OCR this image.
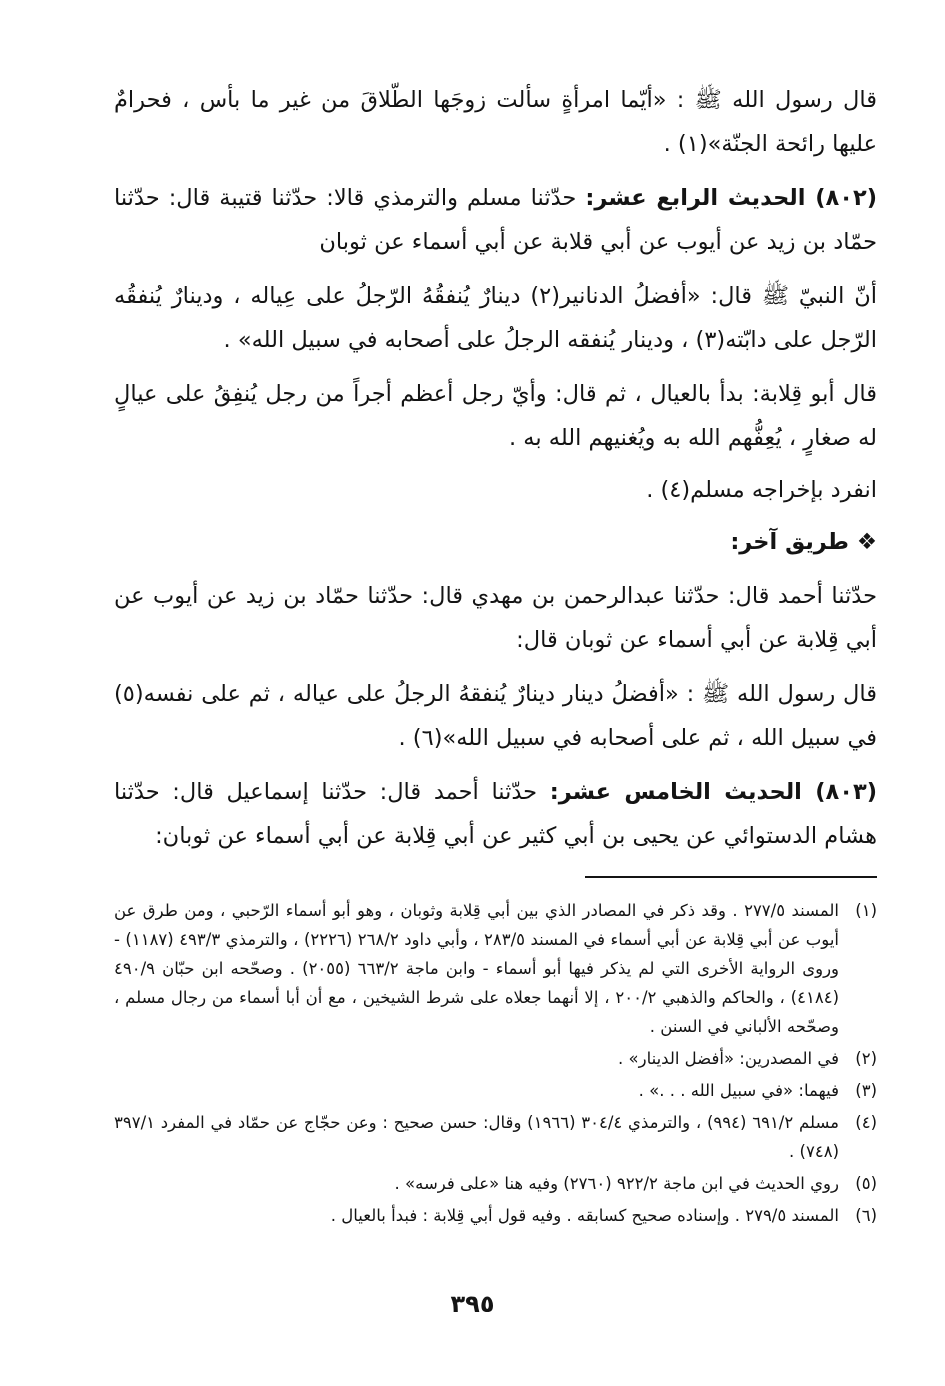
قال رسول الله ﷺ : «أيّما امرأةٍ سألت زوجَها الطّلاقَ من غير ما بأس ، فحرامٌ عليها رائحة الجنّة»(١) .

(٨٠٢) الحديث الرابع عشر: حدّثنا مسلم والترمذي قالا: حدّثنا قتيبة قال: حدّثنا حمّاد بن زيد عن أيوب عن أبي قلابة عن أبي أسماء عن ثوبان

أنّ النبيّ ﷺ قال: «أفضلُ الدنانير(٢) دينارٌ يُنفقُهُ الرّجلُ على عِياله ، ودينارٌ يُنفقُه الرّجل على دابّته(٣) ، ودينار يُنفقه الرجلُ على أصحابه في سبيل الله» .

قال أبو قِلابة: بدأ بالعيال ، ثم قال: وأيّ رجل أعظم أجراً من رجل يُنفِقُ على عيالٍ له صغارٍ ، يُعِفُّهم الله به ويُغنيهم الله به .

انفرد بإخراجه مسلم(٤) .

❖ طريق آخر:

حدّثنا أحمد قال: حدّثنا عبدالرحمن بن مهدي قال: حدّثنا حمّاد بن زيد عن أيوب عن أبي قِلابة عن أبي أسماء عن ثوبان قال:

قال رسول الله ﷺ : «أفضلُ دينار دينارٌ يُنفقهُ الرجلُ على عياله ، ثم على نفسه(٥) في سبيل الله ، ثم على أصحابه في سبيل الله»(٦) .

(٨٠٣) الحديث الخامس عشر: حدّثنا أحمد قال: حدّثنا إسماعيل قال: حدّثنا هشام الدستوائي عن يحيى بن أبي كثير عن أبي قِلابة عن أبي أسماء عن ثوبان:

(١)
المسند ٢٧٧/٥ . وقد ذكر في المصادر الذي بين أبي قِلابة وثوبان ، وهو أبو أسماء الرّحبي ، ومن طرق عن أيوب عن أبي قِلابة عن أبي أسماء في المسند ٢٨٣/٥ ، وأبي داود ٢٦٨/٢ (٢٢٢٦) ، والترمذي ٤٩٣/٣ (١١٨٧) - وروى الرواية الأخرى التي لم يذكر فيها أبو أسماء - وابن ماجة ٦٦٣/٢ (٢٠٥٥) . وصحّحه ابن حبّان ٤٩٠/٩ (٤١٨٤) ، والحاكم والذهبي ٢٠٠/٢ ، إلا أنهما جعلاه على شرط الشيخين ، مع أن أبا أسماء من رجال مسلم ، وصحّحه الألباني في السنن .
(٢)
في المصدرين: «أفضل الدينار» .
(٣)
فيهما: «في سبيل الله . . .» .
(٤)
مسلم ٦٩١/٢ (٩٩٤) ، والترمذي ٣٠٤/٤ (١٩٦٦) وقال: حسن صحيح : وعن حجّاج عن حمّاد في المفرد ٣٩٧/١ (٧٤٨) .
(٥)
روي الحديث في ابن ماجة ٩٢٢/٢ (٢٧٦٠) وفيه هنا «على فرسه» .
(٦)
المسند ٢٧٩/٥ . وإسناده صحيح كسابقه . وفيه قول أبي قِلابة : فبدأ بالعيال .
٣٩٥
